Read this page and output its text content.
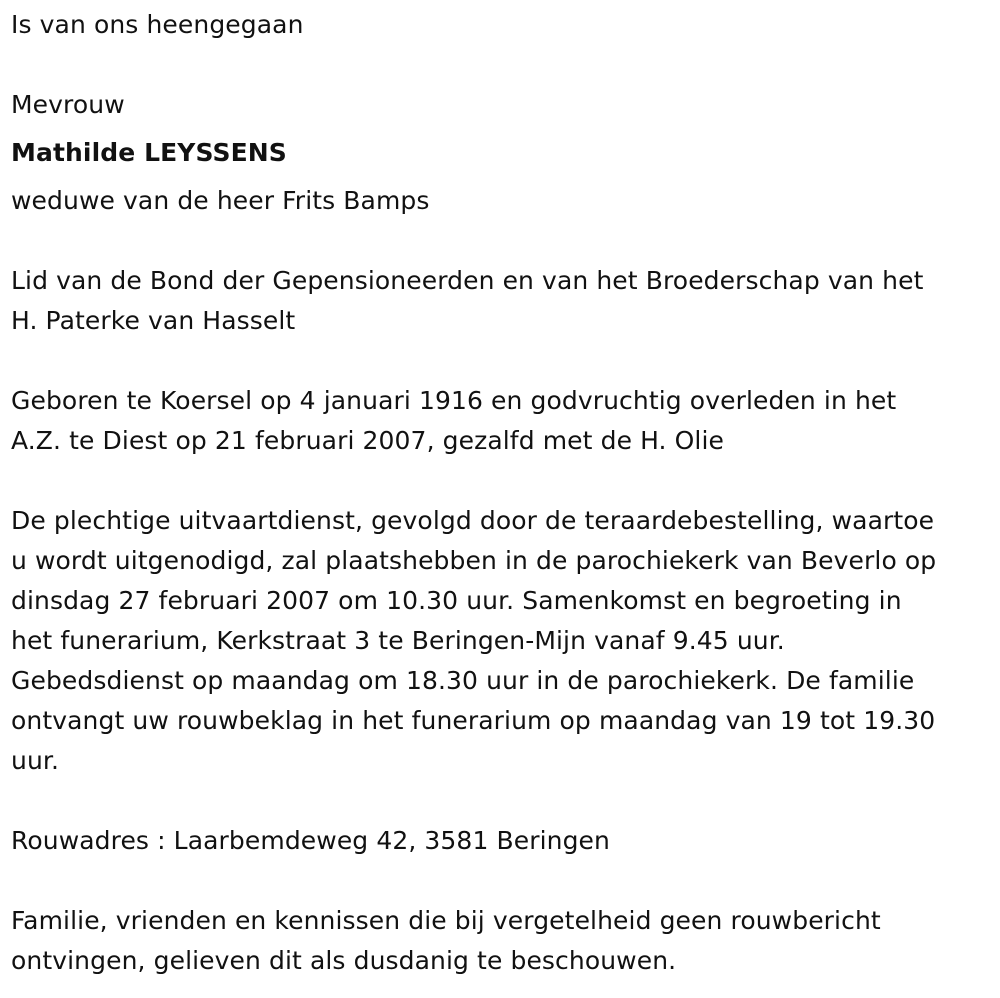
Is van ons heengegaan
Mevrouw
Mathilde LEYSSENS
weduwe van de heer Frits Bamps
Lid van de Bond der Gepensioneerden en van het Broederschap van het
H. Paterke van Hasselt
Geboren te Koersel op 4 januari 1916 en godvruchtig overleden in het
A.Z. te Diest op 21 februari 2007, gezalfd met de H. Olie
De plechtige uitvaartdienst, gevolgd door de teraardebestelling, waartoe
u wordt uitgenodigd, zal plaatshebben in de parochiekerk van Beverlo op
dinsdag 27 februari 2007 om 10.30 uur. Samenkomst en begroeting in
het funerarium, Kerkstraat 3 te Beringen-Mijn vanaf 9.45 uur.
Gebedsdienst op maandag om 18.30 uur in de parochiekerk. De familie
ontvangt uw rouwbeklag in het funerarium op maandag van 19 tot 19.30
uur.
Rouwadres : Laarbemdeweg 42, 3581 Beringen
Familie, vrienden en kennissen die bij vergetelheid geen rouwbericht
ontvingen, gelieven dit als dusdanig te beschouwen.
